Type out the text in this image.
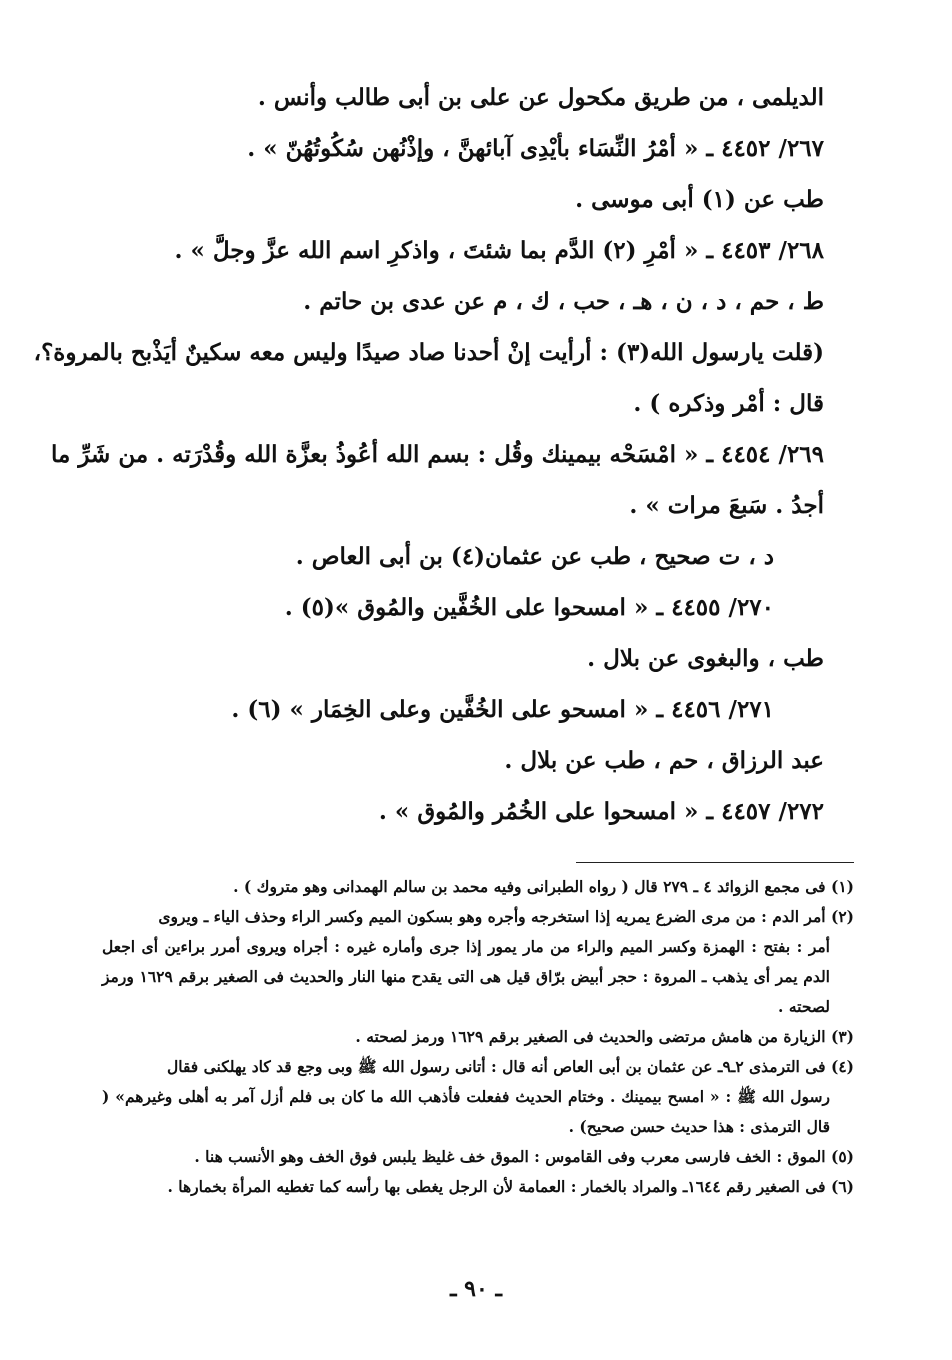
الديلمى ، من طريق مكحول عن على بن أبى طالب وأنس .
٢٦٧/ ٤٤٥٢ ـ « أمْرُ النِّسَاء بأيْدِى آبائهنَّ ، وإذْنُهن سُكُوتُهُنّ » .
طب عن (١) أبى موسى .
٢٦٨/ ٤٤٥٣ ـ « أمْرِ (٢) الدَّم بما شئتَ ، واذكرِ اسم الله عزَّ وجلَّ » .
ط ، حم ، د ، ن ، هـ ، حب ، ك ، م عن عدى بن حاتم .
(قلت يارسول الله(٣) : أرأيت إنْ أحدنا صاد صيدًا وليس معه سكينٌ أيَذْبح بالمروة؟،
قال : أمْر وذكره ) .
٢٦٩/ ٤٤٥٤ ـ « امْسَحْه بيمينك وقُل : بسم الله أعُوذُ بعزَّة الله وقُدْرَته . من شَرِّ ما
أجدُ . سَبعَ مرات » .
د ، ت صحيح ، طب عن عثمان(٤) بن أبى العاص .
٢٧٠/ ٤٤٥٥ ـ « امسحوا على الخُفَّين والمُوق »(٥) .
طب ، والبغوى عن بلال .
٢٧١/ ٤٤٥٦ ـ « امسحو على الخُفَّين وعلى الخِمَار » (٦) .
عبد الرزاق ، حم ، طب عن بلال .
٢٧٢/ ٤٤٥٧ ـ « امسحوا على الخُمُر والمُوق » .
(١) فى مجمع الزوائد ٤ ـ ٢٧٩ قال ( رواه الطبرانى وفيه محمد بن سالم الهمدانى وهو متروك ) .
(٢) أمر الدم : من مرى الضرع يمريه إذا استخرجه وأجره وهو بسكون الميم وكسر الراء وحذف الياء ـ ويروى
أمر : بفتح : الهمزة وكسر الميم والراء من مار يمور إذا جرى وأماره غيره : أجراه ويروى أمرر براءين أى اجعل الدم يمر أى يذهب ـ المروة : حجر أبيض برّاق قيل هى التى يقدح منها النار والحديث فى الصغير برقم ١٦٢٩ ورمز لصحته .
(٣) الزيارة من هامش مرتضى والحديث فى الصغير برقم ١٦٢٩ ورمز لصحته .
(٤) فى الترمذى ٢ـ٩ـ عن عثمان بن أبى العاص أنه قال : أتانى رسول الله ﷺ وبى وجع قد كاد يهلكنى فقال
رسول الله ﷺ : « امسح بيمينك . وختام الحديث ففعلت فأذهب الله ما كان بى فلم أزل آمر به أهلى وغيرهم» ( قال الترمذى : هذا حديث حسن صحيح) .
(٥) الموق : الخف فارسى معرب وفى القاموس : الموق خف غليظ يلبس فوق الخف وهو الأنسب هنا .
(٦) فى الصغير رقم ١٦٤٤ـ والمراد بالخمار : العمامة لأن الرجل يغطى بها رأسه كما تغطيه المرأة بخمارها .
ـ ٩٠ ـ
